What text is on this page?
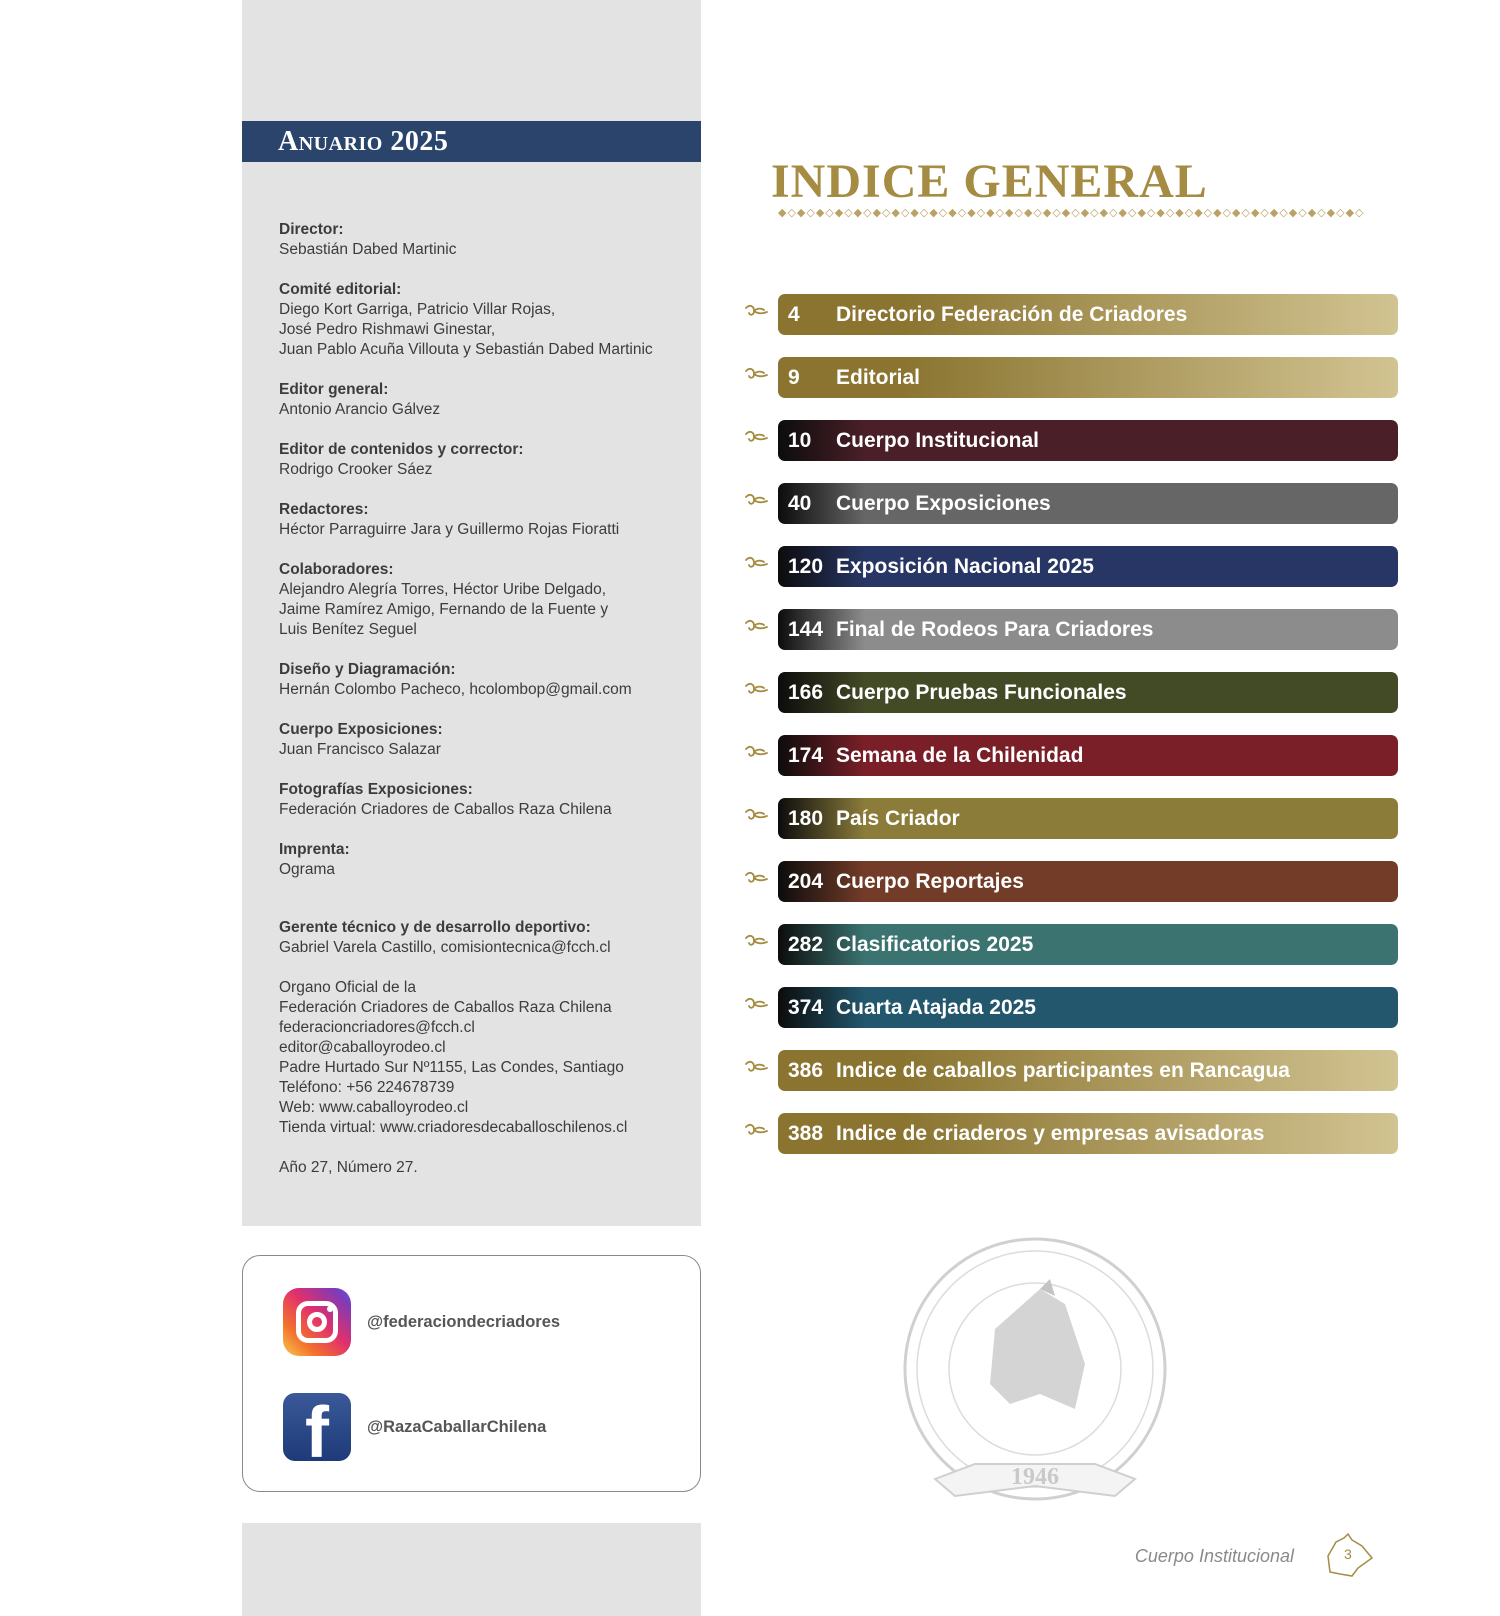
Anuario 2025
Director:
Sebastián Dabed Martinic
Comité editorial:
Diego Kort Garriga, Patricio Villar Rojas,
José Pedro Rishmawi Ginestar,
Juan Pablo Acuña Villouta y Sebastián Dabed Martinic
Editor general:
Antonio Arancio Gálvez
Editor de contenidos y corrector:
Rodrigo Crooker Sáez
Redactores:
Héctor Parraguirre Jara y Guillermo Rojas Fioratti
Colaboradores:
Alejandro Alegría Torres, Héctor Uribe Delgado,
Jaime Ramírez Amigo, Fernando de la Fuente y
Luis Benítez Seguel
Diseño y Diagramación:
Hernán Colombo Pacheco, hcolombop@gmail.com
Cuerpo Exposiciones:
Juan Francisco Salazar
Fotografías Exposiciones:
Federación Criadores de Caballos Raza Chilena
Imprenta:
Ograma
Gerente técnico y de desarrollo deportivo:
Gabriel Varela Castillo, comisiontecnica@fcch.cl
Organo Oficial de la
Federación Criadores de Caballos Raza Chilena
federacioncriadores@fcch.cl
editor@caballoyrodeo.cl
Padre Hurtado Sur Nº1155, Las Condes, Santiago
Teléfono: +56 224678739
Web: www.caballoyrodeo.cl
Tienda virtual: www.criadoresdecaballoschilenos.cl
Año 27, Número 27.
@federaciondecriadores
f @RazaCaballarChilena
INDICE GENERAL
◆◇◆◇◆◇◆◇◆◇◆◇◆◇◆◇◆◇◆◇◆◇◆◇◆◇◆◇◆◇◆◇◆◇◆◇◆◇◆◇◆◇◆◇◆◇◆◇◆◇◆◇◆◇◆◇◆◇◆◇◆◇
4	Directorio Federación de Criadores
9	Editorial
10	Cuerpo Institucional
40	Cuerpo Exposiciones
120 Exposición Nacional 2025
144 Final de Rodeos Para Criadores
166 Cuerpo Pruebas Funcionales
174 Semana de la Chilenidad
180 País Criador
204 Cuerpo Reportajes
282 Clasificatorios 2025
374 Cuarta Atajada 2025
386 Indice de caballos participantes en Rancagua
388 Indice de criaderos y empresas avisadoras
1946
Cuerpo Institucional	3
